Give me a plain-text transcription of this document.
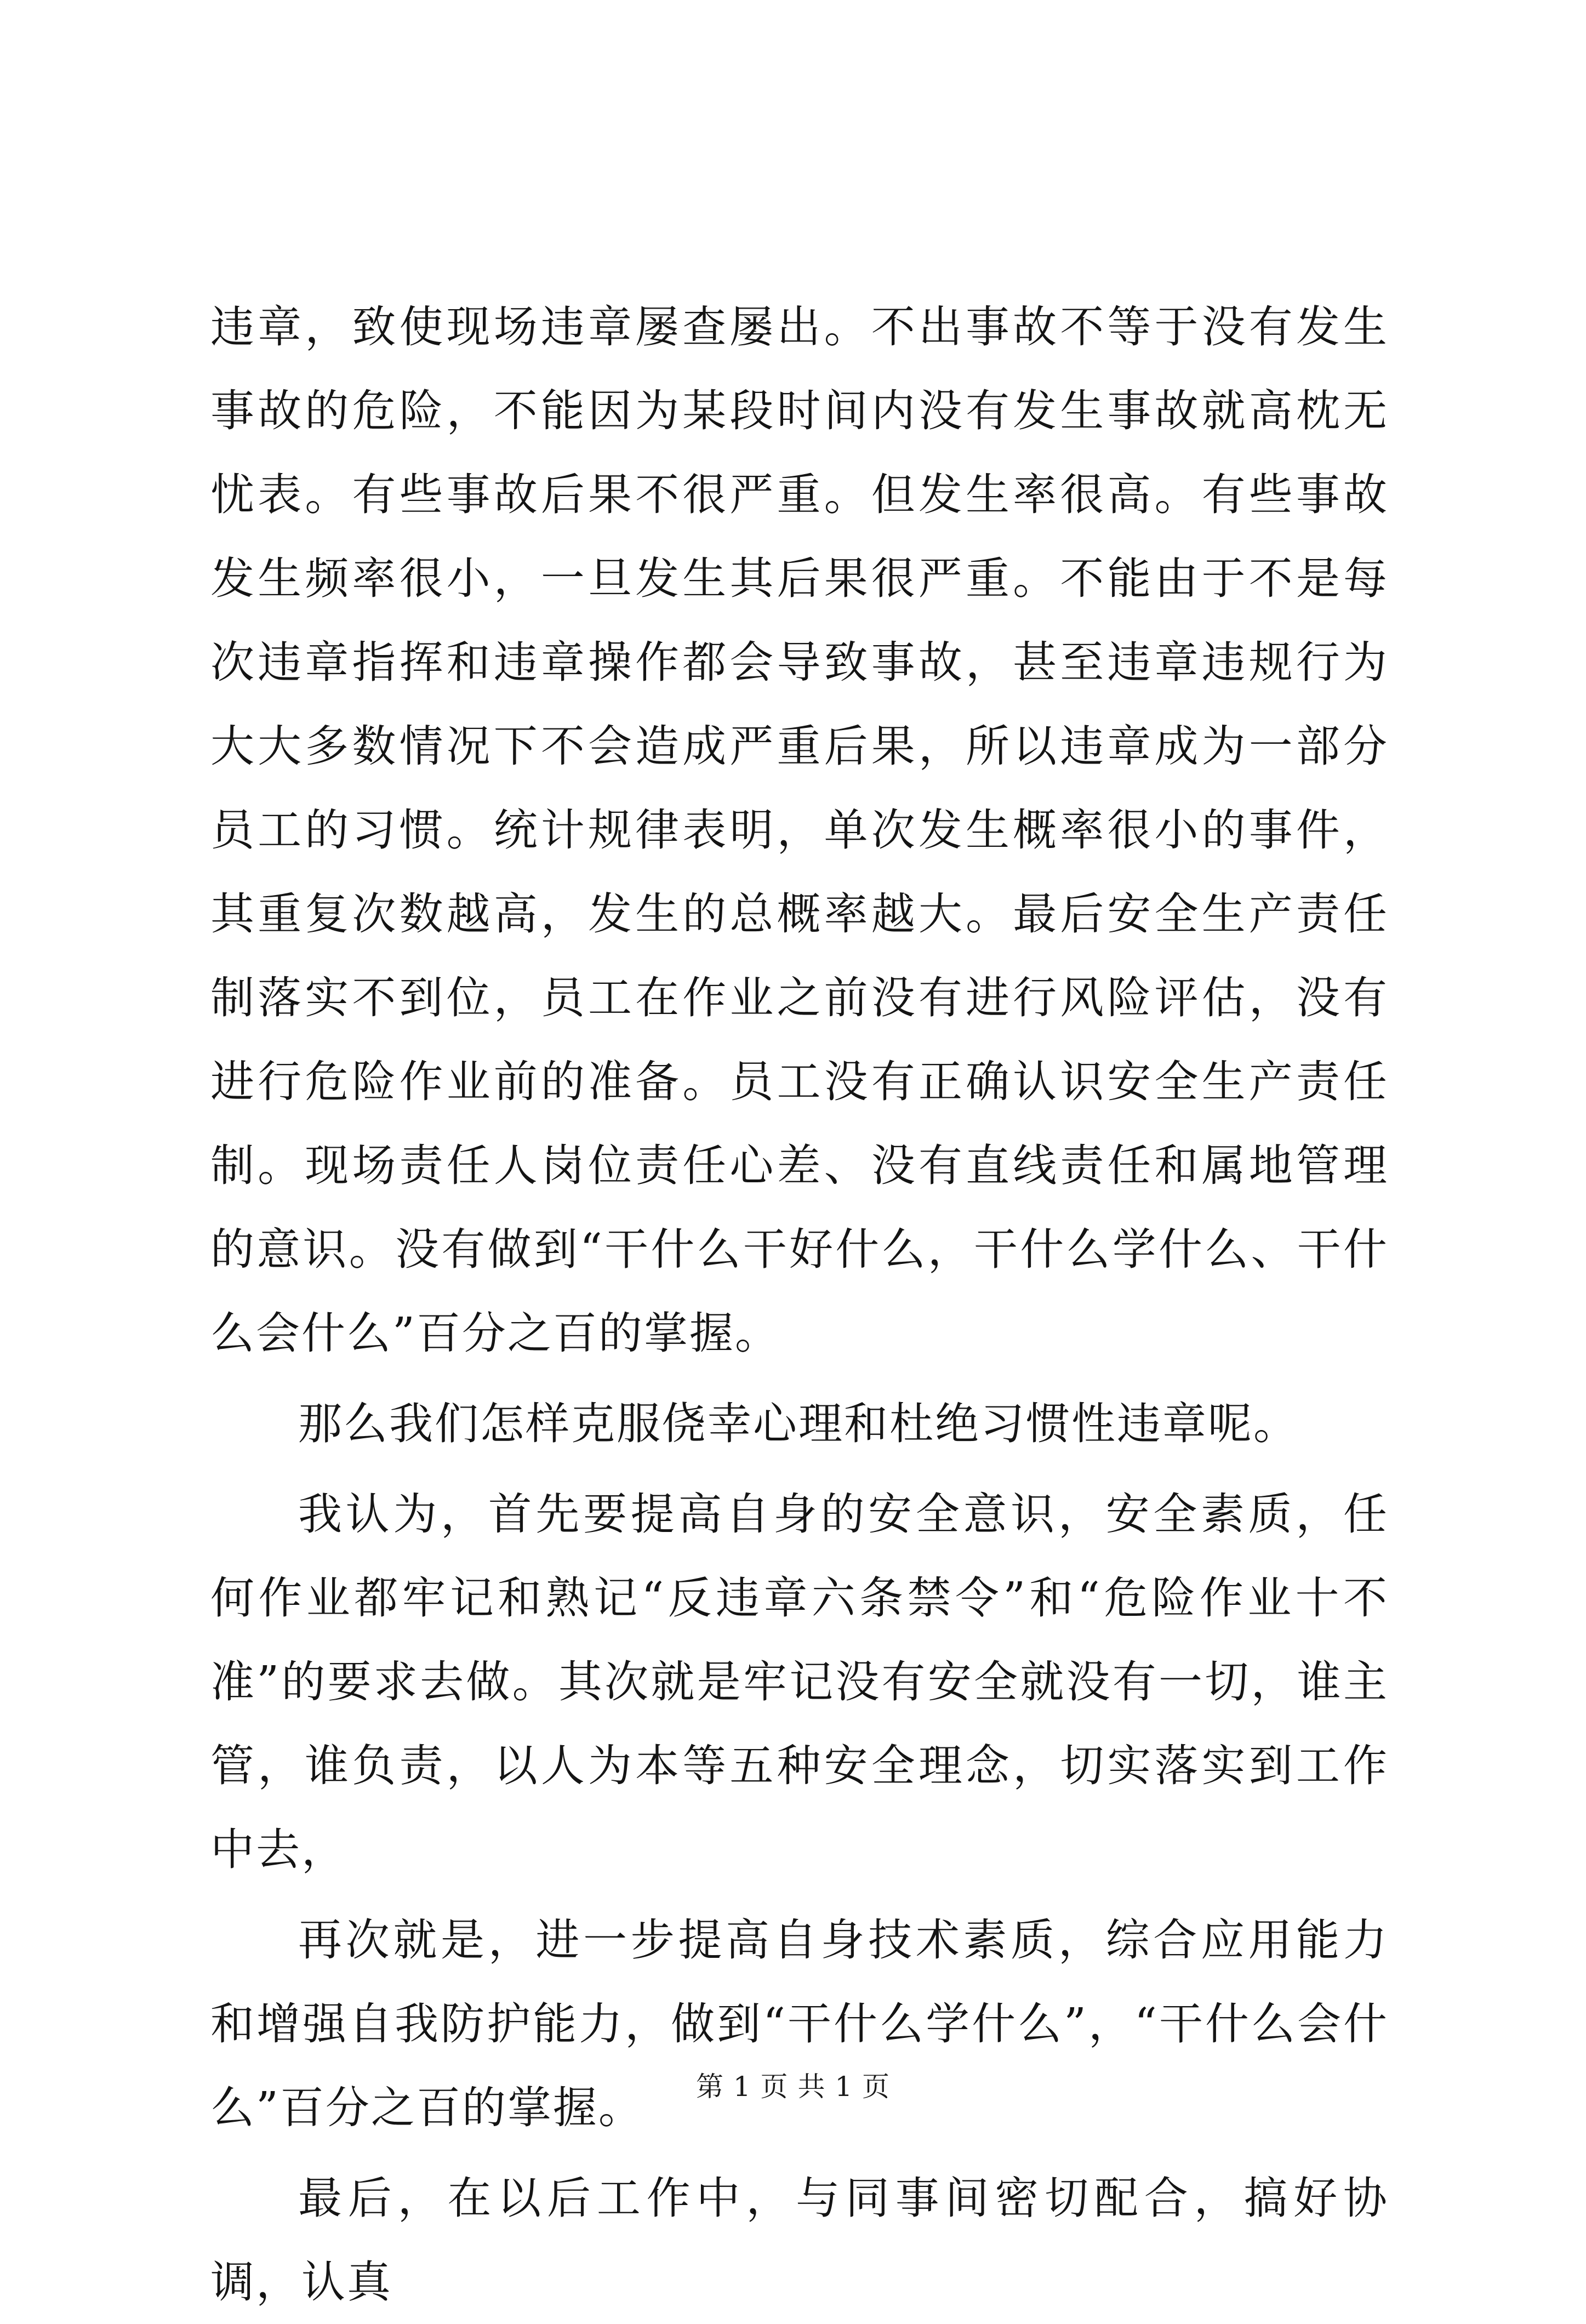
违章，致使现场违章屡查屡出。不出事故不等于没有发生事故的危险，不能因为某段时间内没有发生事故就高枕无忧表。有些事故后果不很严重。但发生率很高。有些事故发生频率很小，一旦发生其后果很严重。不能由于不是每次违章指挥和违章操作都会导致事故，甚至违章违规行为大大多数情况下不会造成严重后果，所以违章成为一部分员工的习惯。统计规律表明，单次发生概率很小的事件，其重复次数越高，发生的总概率越大。最后安全生产责任制落实不到位，员工在作业之前没有进行风险评估，没有进行危险作业前的准备。员工没有正确认识安全生产责任制。现场责任人岗位责任心差、没有直线责任和属地管理的意识。没有做到“干什么干好什么，干什么学什么、干什么会什么”百分之百的掌握。

那么我们怎样克服侥幸心理和杜绝习惯性违章呢。

我认为，首先要提高自身的安全意识，安全素质，任何作业都牢记和熟记“反违章六条禁令”和“危险作业十不准”的要求去做。其次就是牢记没有安全就没有一切，谁主管，谁负责，以人为本等五种安全理念，切实落实到工作中去，

再次就是，进一步提高自身技术素质，综合应用能力和增强自我防护能力，做到“干什么学什么”，“干什么会什么”百分之百的掌握。

最后，在以后工作中，与同事间密切配合，搞好协调，认真

第 1 页 共 1 页
